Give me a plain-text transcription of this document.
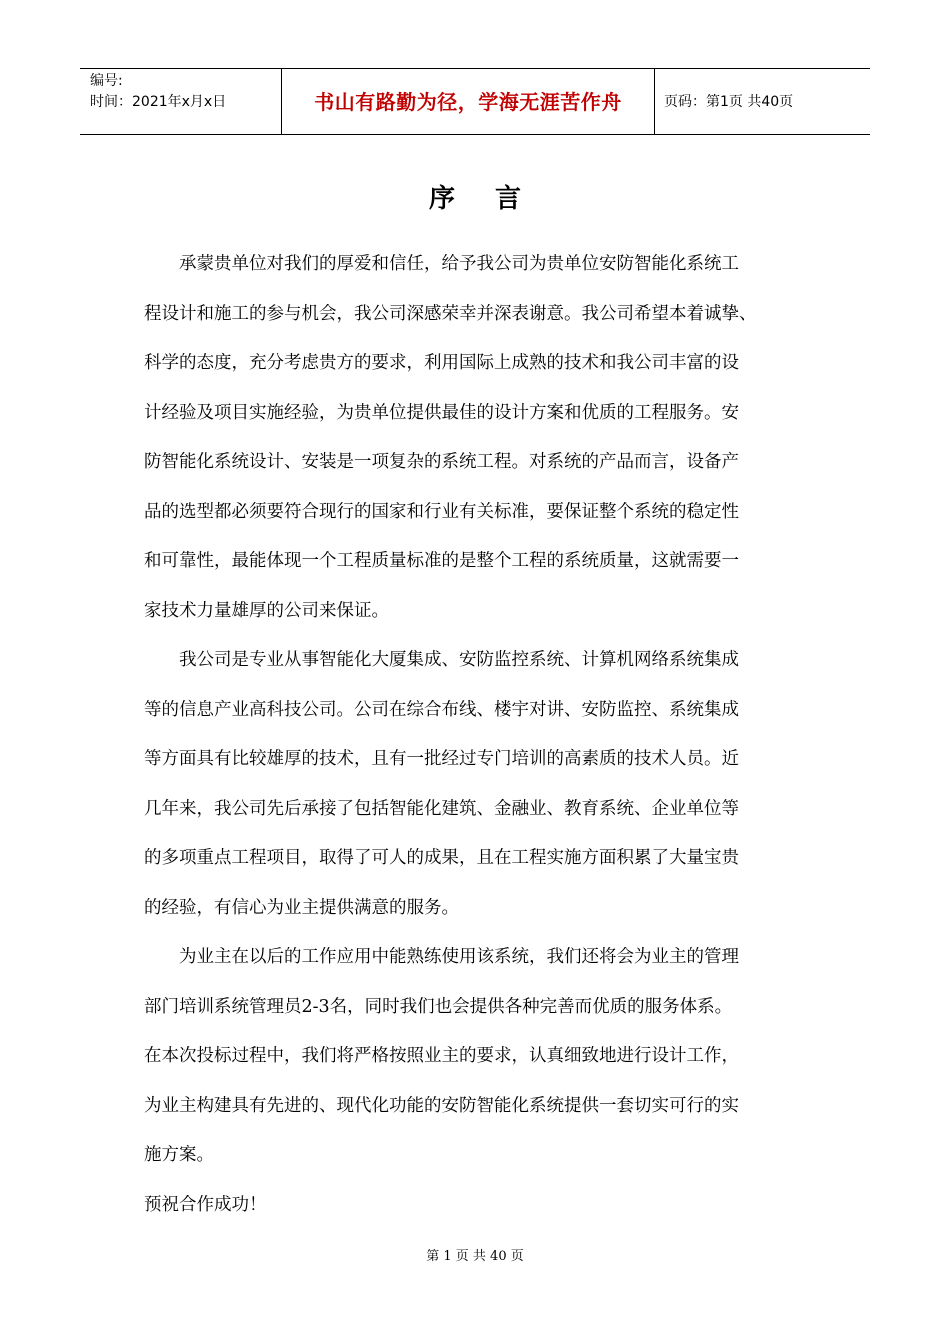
编号:
时间：2021年x月x日	书山有路勤为径，学海无涯苦作舟	页码：第1页 共40页
序言
承蒙贵单位对我们的厚爱和信任，给予我公司为贵单位安防智能化系统工
程设计和施工的参与机会，我公司深感荣幸并深表谢意。我公司希望本着诚挚、
科学的态度，充分考虑贵方的要求，利用国际上成熟的技术和我公司丰富的设
计经验及项目实施经验，为贵单位提供最佳的设计方案和优质的工程服务。安
防智能化系统设计、安装是一项复杂的系统工程。对系统的产品而言，设备产
品的选型都必须要符合现行的国家和行业有关标准，要保证整个系统的稳定性
和可靠性，最能体现一个工程质量标准的是整个工程的系统质量，这就需要一
家技术力量雄厚的公司来保证。
我公司是专业从事智能化大厦集成、安防监控系统、计算机网络系统集成
等的信息产业高科技公司。公司在综合布线、楼宇对讲、安防监控、系统集成
等方面具有比较雄厚的技术，且有一批经过专门培训的高素质的技术人员。近
几年来，我公司先后承接了包括智能化建筑、金融业、教育系统、企业单位等
的多项重点工程项目，取得了可人的成果，且在工程实施方面积累了大量宝贵
的经验，有信心为业主提供满意的服务。
为业主在以后的工作应用中能熟练使用该系统，我们还将会为业主的管理
部门培训系统管理员2-3名，同时我们也会提供各种完善而优质的服务体系。
在本次投标过程中，我们将严格按照业主的要求，认真细致地进行设计工作，
为业主构建具有先进的、现代化功能的安防智能化系统提供一套切实可行的实
施方案。
预祝合作成功！
第 1 页 共 40 页
